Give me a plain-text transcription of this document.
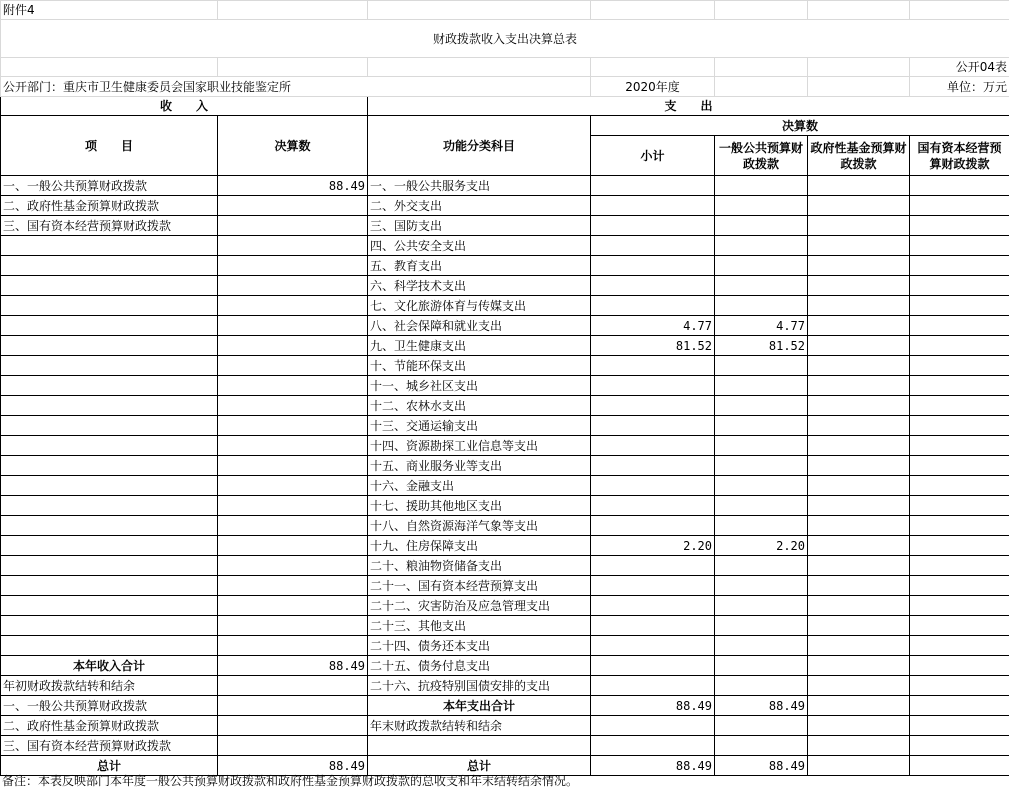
附件4						
财政拨款收入支出决算总表						
						公开04表
公开部门：重庆市卫生健康委员会国家职业技能鉴定所			2020年度			单位：万元
收　　入		支　　出				
项　　目	决算数	功能分类科目	决算数			
			小计	一般公共预算财政拨款	政府性基金预算财政拨款	国有资本经营预算财政拨款

一、一般公共预算财政拨款	88.49	一、一般公共服务支出				
二、政府性基金预算财政拨款		二、外交支出				
三、国有资本经营预算财政拨款		三、国防支出				
		四、公共安全支出				
		五、教育支出				
		六、科学技术支出				
		七、文化旅游体育与传媒支出				
		八、社会保障和就业支出	4.77	4.77		
		九、卫生健康支出	81.52	81.52		
		十、节能环保支出				
		十一、城乡社区支出				
		十二、农林水支出				
		十三、交通运输支出				
		十四、资源勘探工业信息等支出				
		十五、商业服务业等支出				
		十六、金融支出				
		十七、援助其他地区支出				
		十八、自然资源海洋气象等支出				
		十九、住房保障支出	2.20	2.20		
		二十、粮油物资储备支出				
		二十一、国有资本经营预算支出				
		二十二、灾害防治及应急管理支出				
		二十三、其他支出				
		二十四、债务还本支出				
本年收入合计	88.49	二十五、债务付息支出				
年初财政拨款结转和结余		二十六、抗疫特别国债安排的支出				
一、一般公共预算财政拨款		本年支出合计	88.49	88.49		
二、政府性基金预算财政拨款		年末财政拨款结转和结余				
三、国有资本经营预算财政拨款						
总计	88.49	总计	88.49	88.49		
备注：本表反映部门本年度一般公共预算财政拨款和政府性基金预算财政拨款的总收支和年末结转结余情况。
